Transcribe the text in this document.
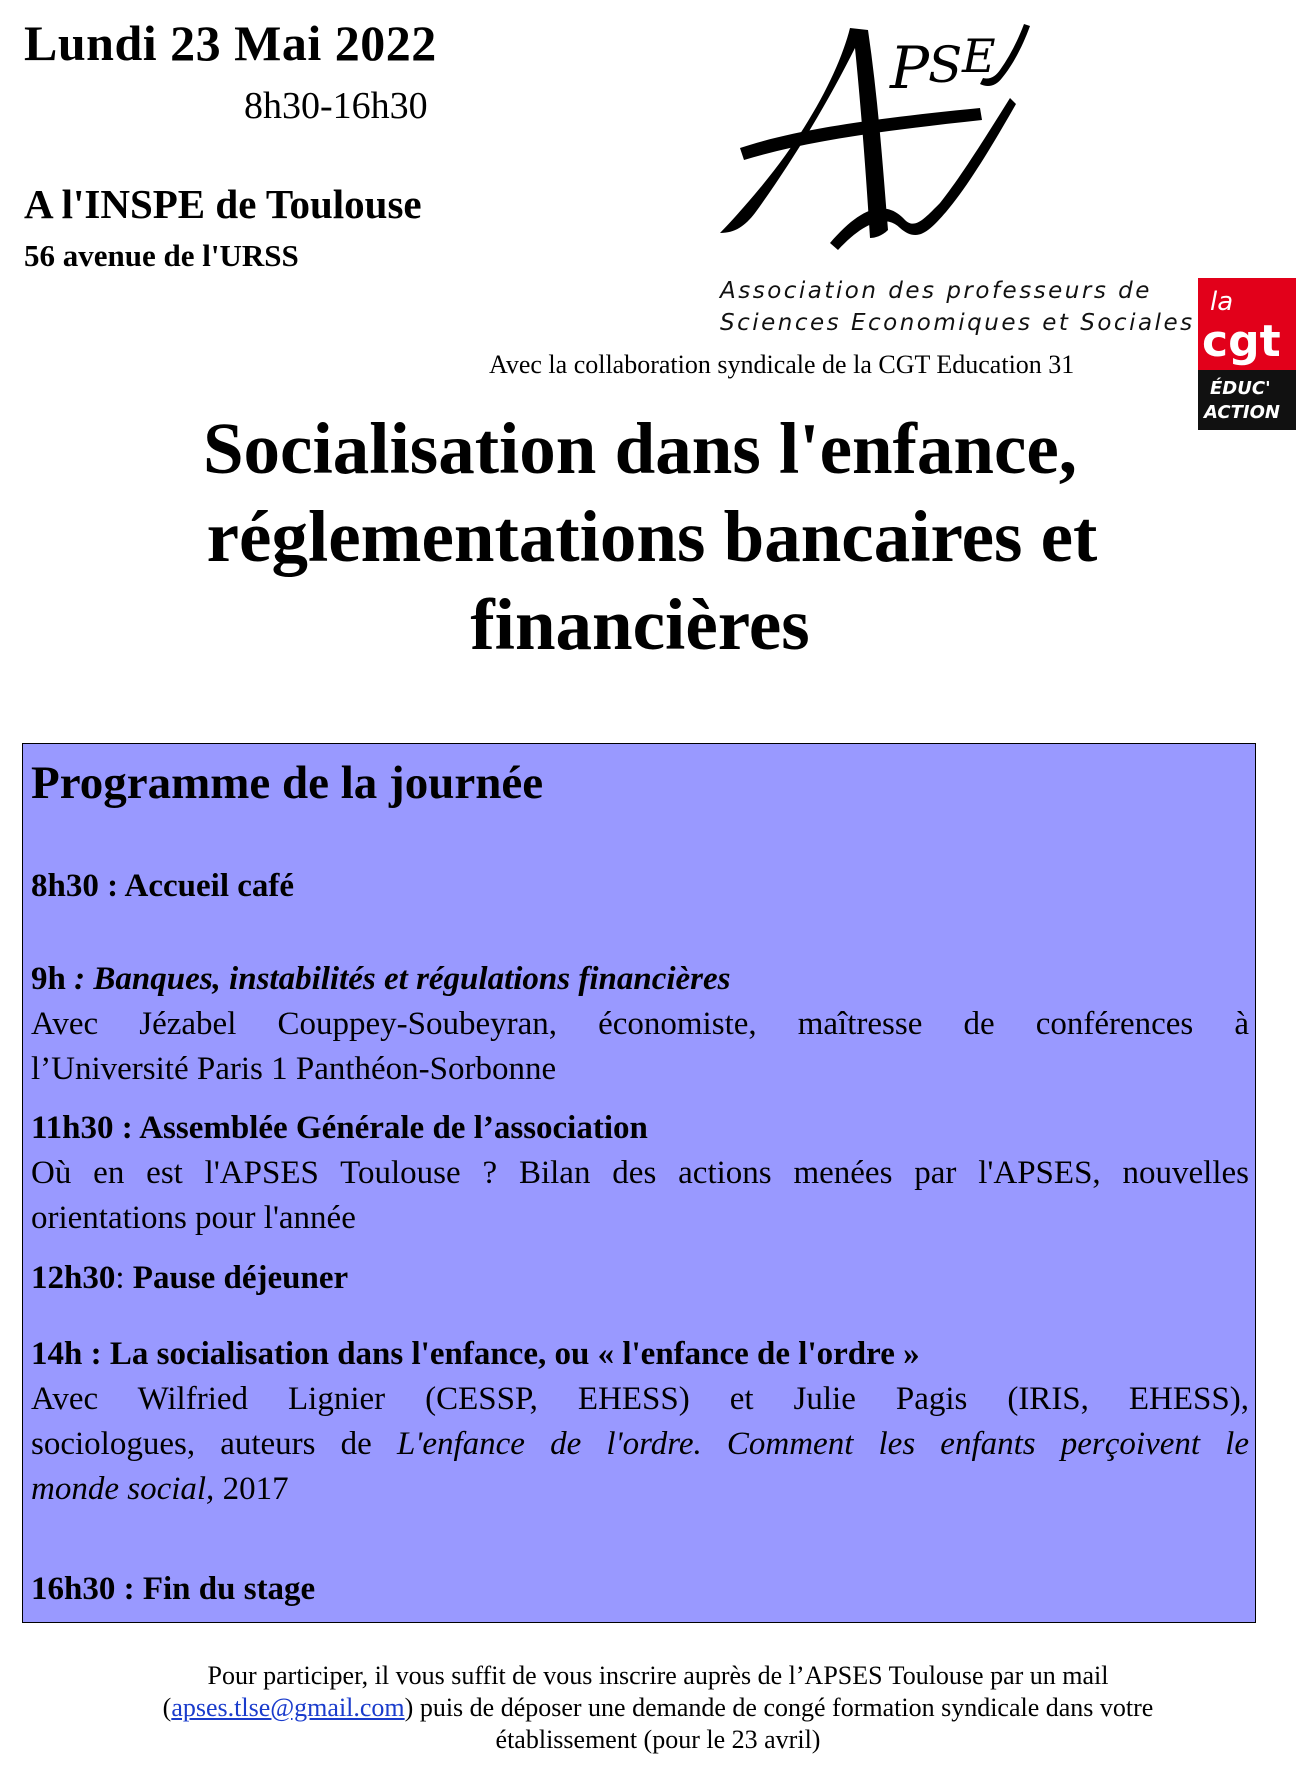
Lundi 23 Mai 2022
8h30-16h30
A l'INSPE de Toulouse
56 avenue de l'URSS
P
S E
Association des professeurs de
Sciences Economiques et Sociales
Avec la collaboration syndicale de la CGT Education 31
la
cgt
ÉDUC'
ACTION
Socialisation dans l'enfance,
réglementations bancaires et
financières
Programme de la journée
8h30 : Accueil café
9h : Banques, instabilités et régulations financières
Avec Jézabel Couppey-Soubeyran, économiste, maîtresse de conférences à
l’Université Paris 1 Panthéon-Sorbonne
11h30 : Assemblée Générale de l’association
Où en est l'APSES Toulouse ? Bilan des actions menées par l'APSES, nouvelles
orientations pour l'année
12h30: Pause déjeuner
14h : La socialisation dans l'enfance, ou « l'enfance de l'ordre »
Avec Wilfried Lignier (CESSP, EHESS) et Julie Pagis (IRIS, EHESS),
sociologues, auteurs de L'enfance de l'ordre. Comment les enfants perçoivent le
monde social, 2017
16h30 : Fin du stage
Pour participer, il vous suffit de vous inscrire auprès de l’APSES Toulouse par un mail
(apses.tlse@gmail.com) puis de déposer une demande de congé formation syndicale dans votre
établissement (pour le 23 avril)
